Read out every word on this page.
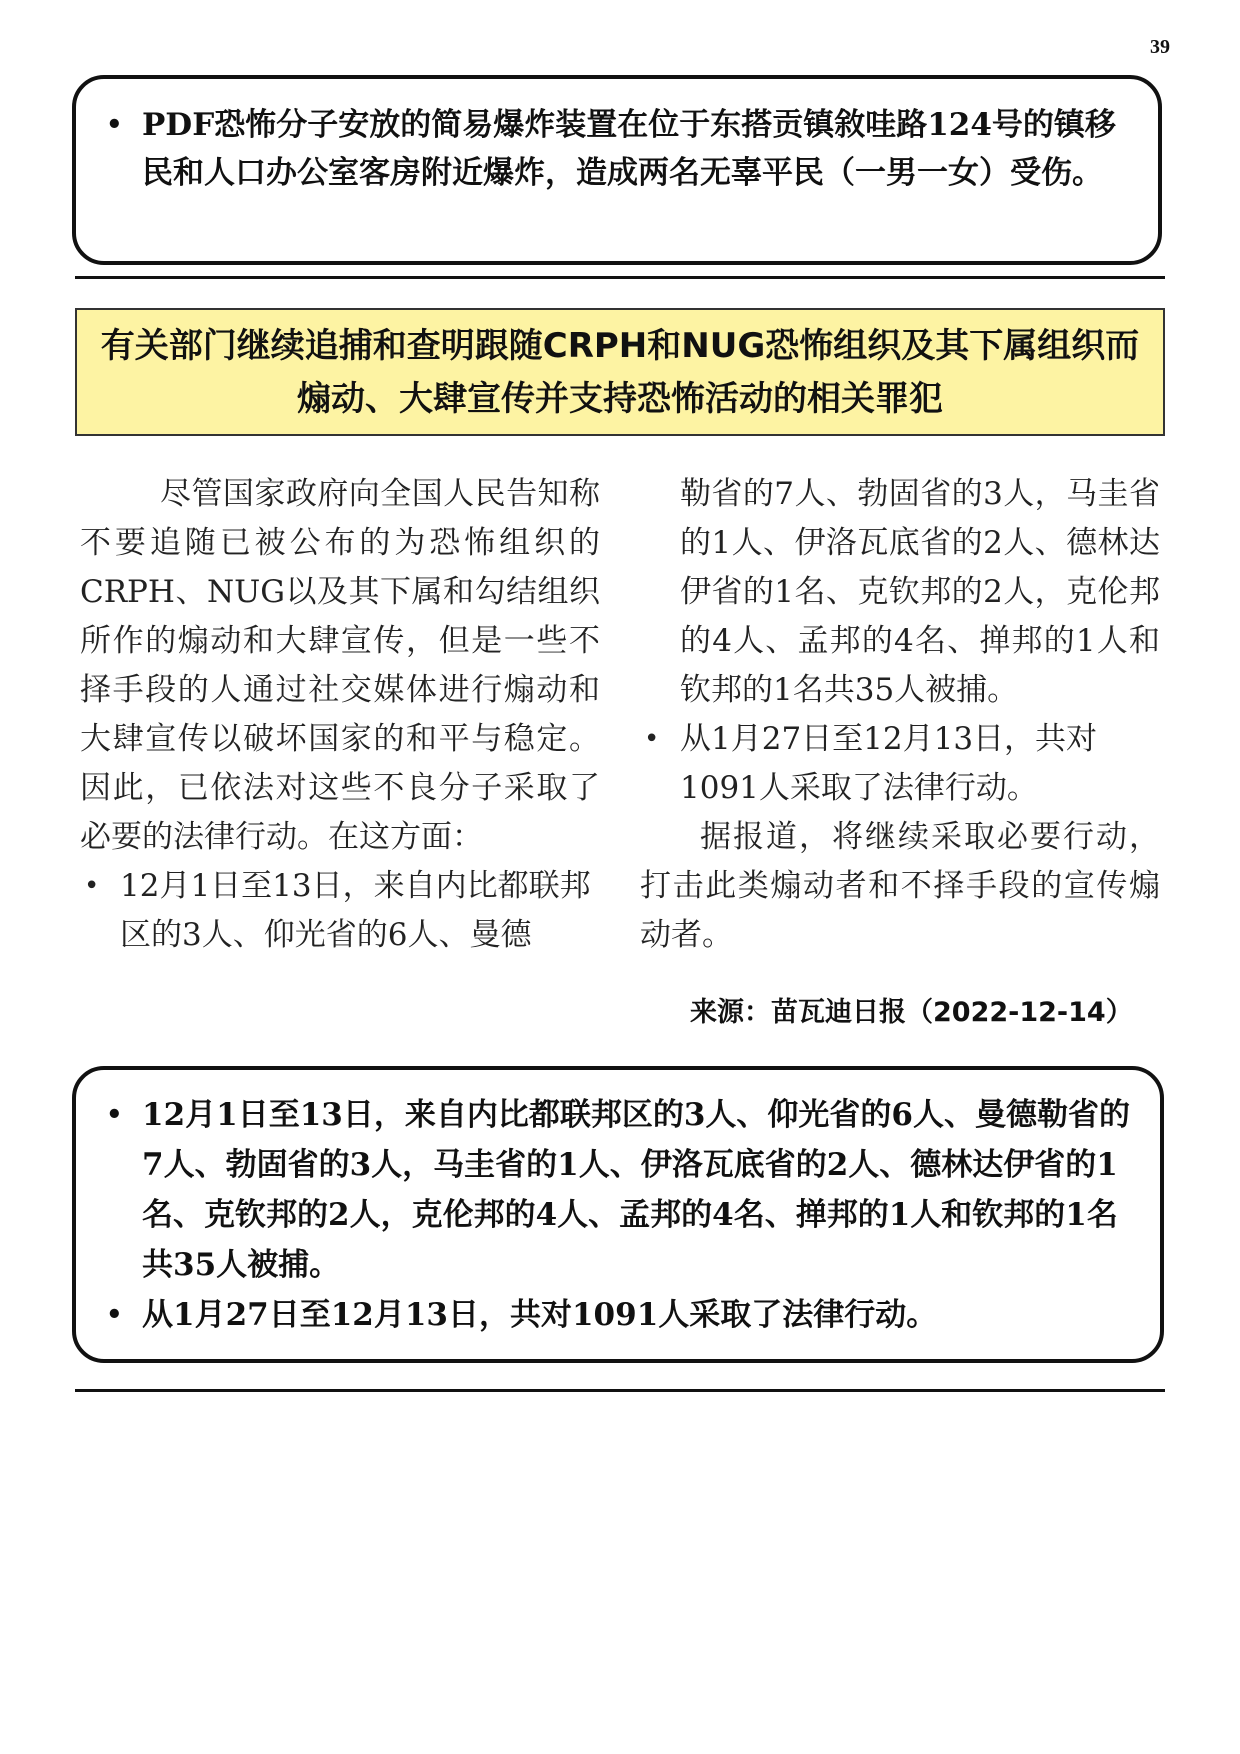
39
• PDF恐怖分子安放的简易爆炸装置在位于东搭贡镇敘哇路124号的镇移民和人口办公室客房附近爆炸，造成两名无辜平民（一男一女）受伤。
有关部门继续追捕和查明跟随CRPH和NUG恐怖组织及其下属组织而
煽动、大肆宣传并支持恐怖活动的相关罪犯

尽管国家政府向全国人民告知称不要追随已被公布的为恐怖组织的CRPH、NUG以及其下属和勾结组织所作的煽动和大肆宣传，但是一些不择手段的人通过社交媒体进行煽动和大肆宣传以破坏国家的和平与稳定。因此，已依法对这些不良分子采取了必要的法律行动。在这方面：

• 12月1日至13日，来自内比都联邦区的3人、仰光省的6人、曼德

勒省的7人、勃固省的3人，马圭省的1人、伊洛瓦底省的2人、德林达伊省的1名、克钦邦的2人，克伦邦的4人、孟邦的4名、掸邦的1人和钦邦的1名共35人被捕。

• 从1月27日至12月13日，共对1091人采取了法律行动。

据报道，将继续采取必要行动，打击此类煽动者和不择手段的宣传煽动者。

来源：苗瓦迪日报（2022-12-14）
• 12月1日至13日，来自内比都联邦区的3人、仰光省的6人、曼德勒省的7人、勃固省的3人，马圭省的1人、伊洛瓦底省的2人、德林达伊省的1名、克钦邦的2人，克伦邦的4人、孟邦的4名、掸邦的1人和钦邦的1名共35人被捕。
• 从1月27日至12月13日，共对1091人采取了法律行动。
